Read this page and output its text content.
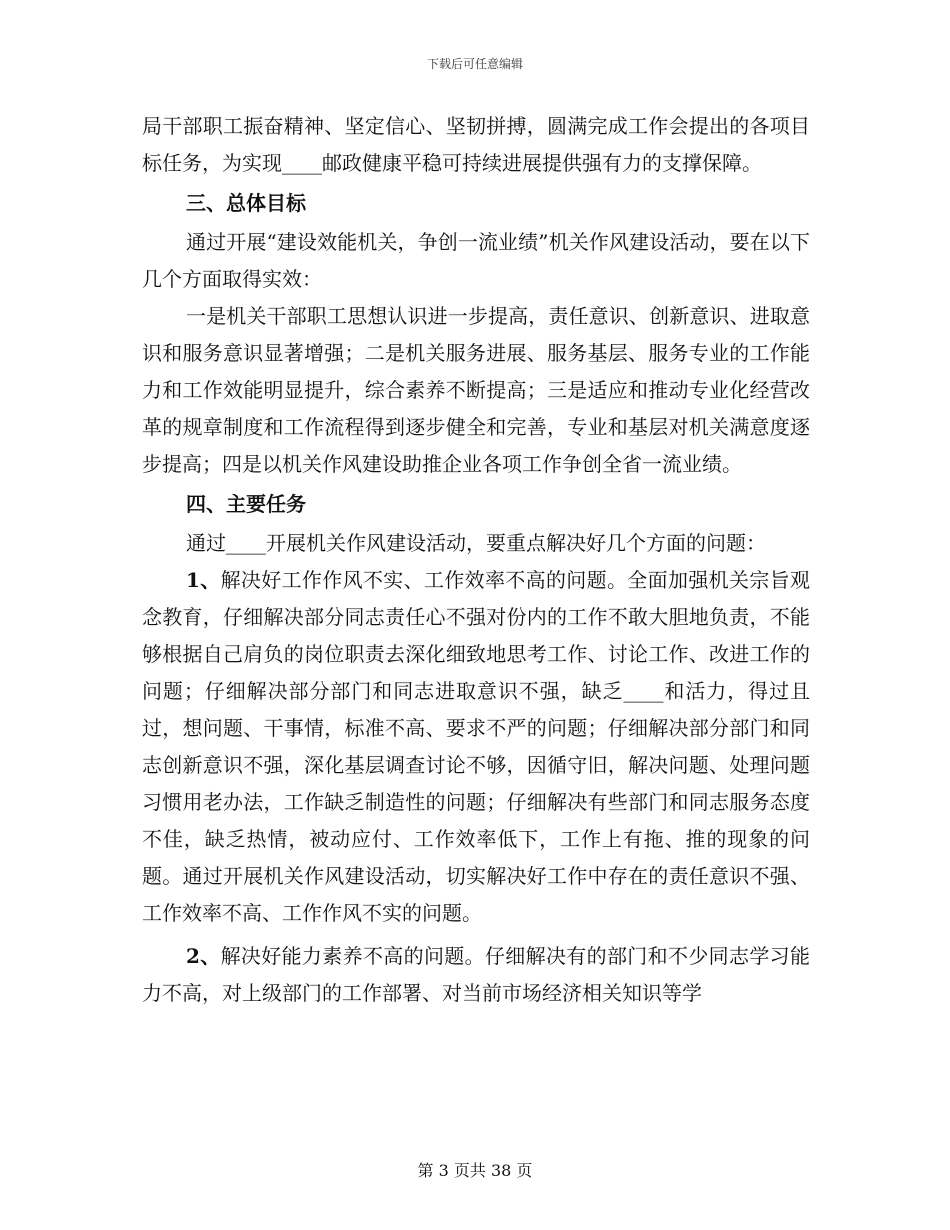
下载后可任意编辑

局干部职工振奋精神、坚定信心、坚韧拼搏，圆满完成工作会提出的各项目标任务，为实现____邮政健康平稳可持续进展提供强有力的支撑保障。

三、总体目标

通过开展“建设效能机关，争创一流业绩”机关作风建设活动，要在以下几个方面取得实效：

一是机关干部职工思想认识进一步提高，责任意识、创新意识、进取意识和服务意识显著增强；二是机关服务进展、服务基层、服务专业的工作能力和工作效能明显提升，综合素养不断提高；三是适应和推动专业化经营改革的规章制度和工作流程得到逐步健全和完善，专业和基层对机关满意度逐步提高；四是以机关作风建设助推企业各项工作争创全省一流业绩。

四、主要任务

通过____开展机关作风建设活动，要重点解决好几个方面的问题：

1、解决好工作作风不实、工作效率不高的问题。全面加强机关宗旨观念教育，仔细解决部分同志责任心不强对份内的工作不敢大胆地负责，不能够根据自己肩负的岗位职责去深化细致地思考工作、讨论工作、改进工作的问题；仔细解决部分部门和同志进取意识不强，缺乏____和活力，得过且过，想问题、干事情，标准不高、要求不严的问题；仔细解决部分部门和同志创新意识不强，深化基层调查讨论不够，因循守旧，解决问题、处理问题习惯用老办法，工作缺乏制造性的问题；仔细解决有些部门和同志服务态度不佳，缺乏热情，被动应付、工作效率低下，工作上有拖、推的现象的问题。通过开展机关作风建设活动，切实解决好工作中存在的责任意识不强、工作效率不高、工作作风不实的问题。

2、解决好能力素养不高的问题。仔细解决有的部门和不少同志学习能力不高，对上级部门的工作部署、对当前市场经济相关知识等学

第 3 页共 38 页
